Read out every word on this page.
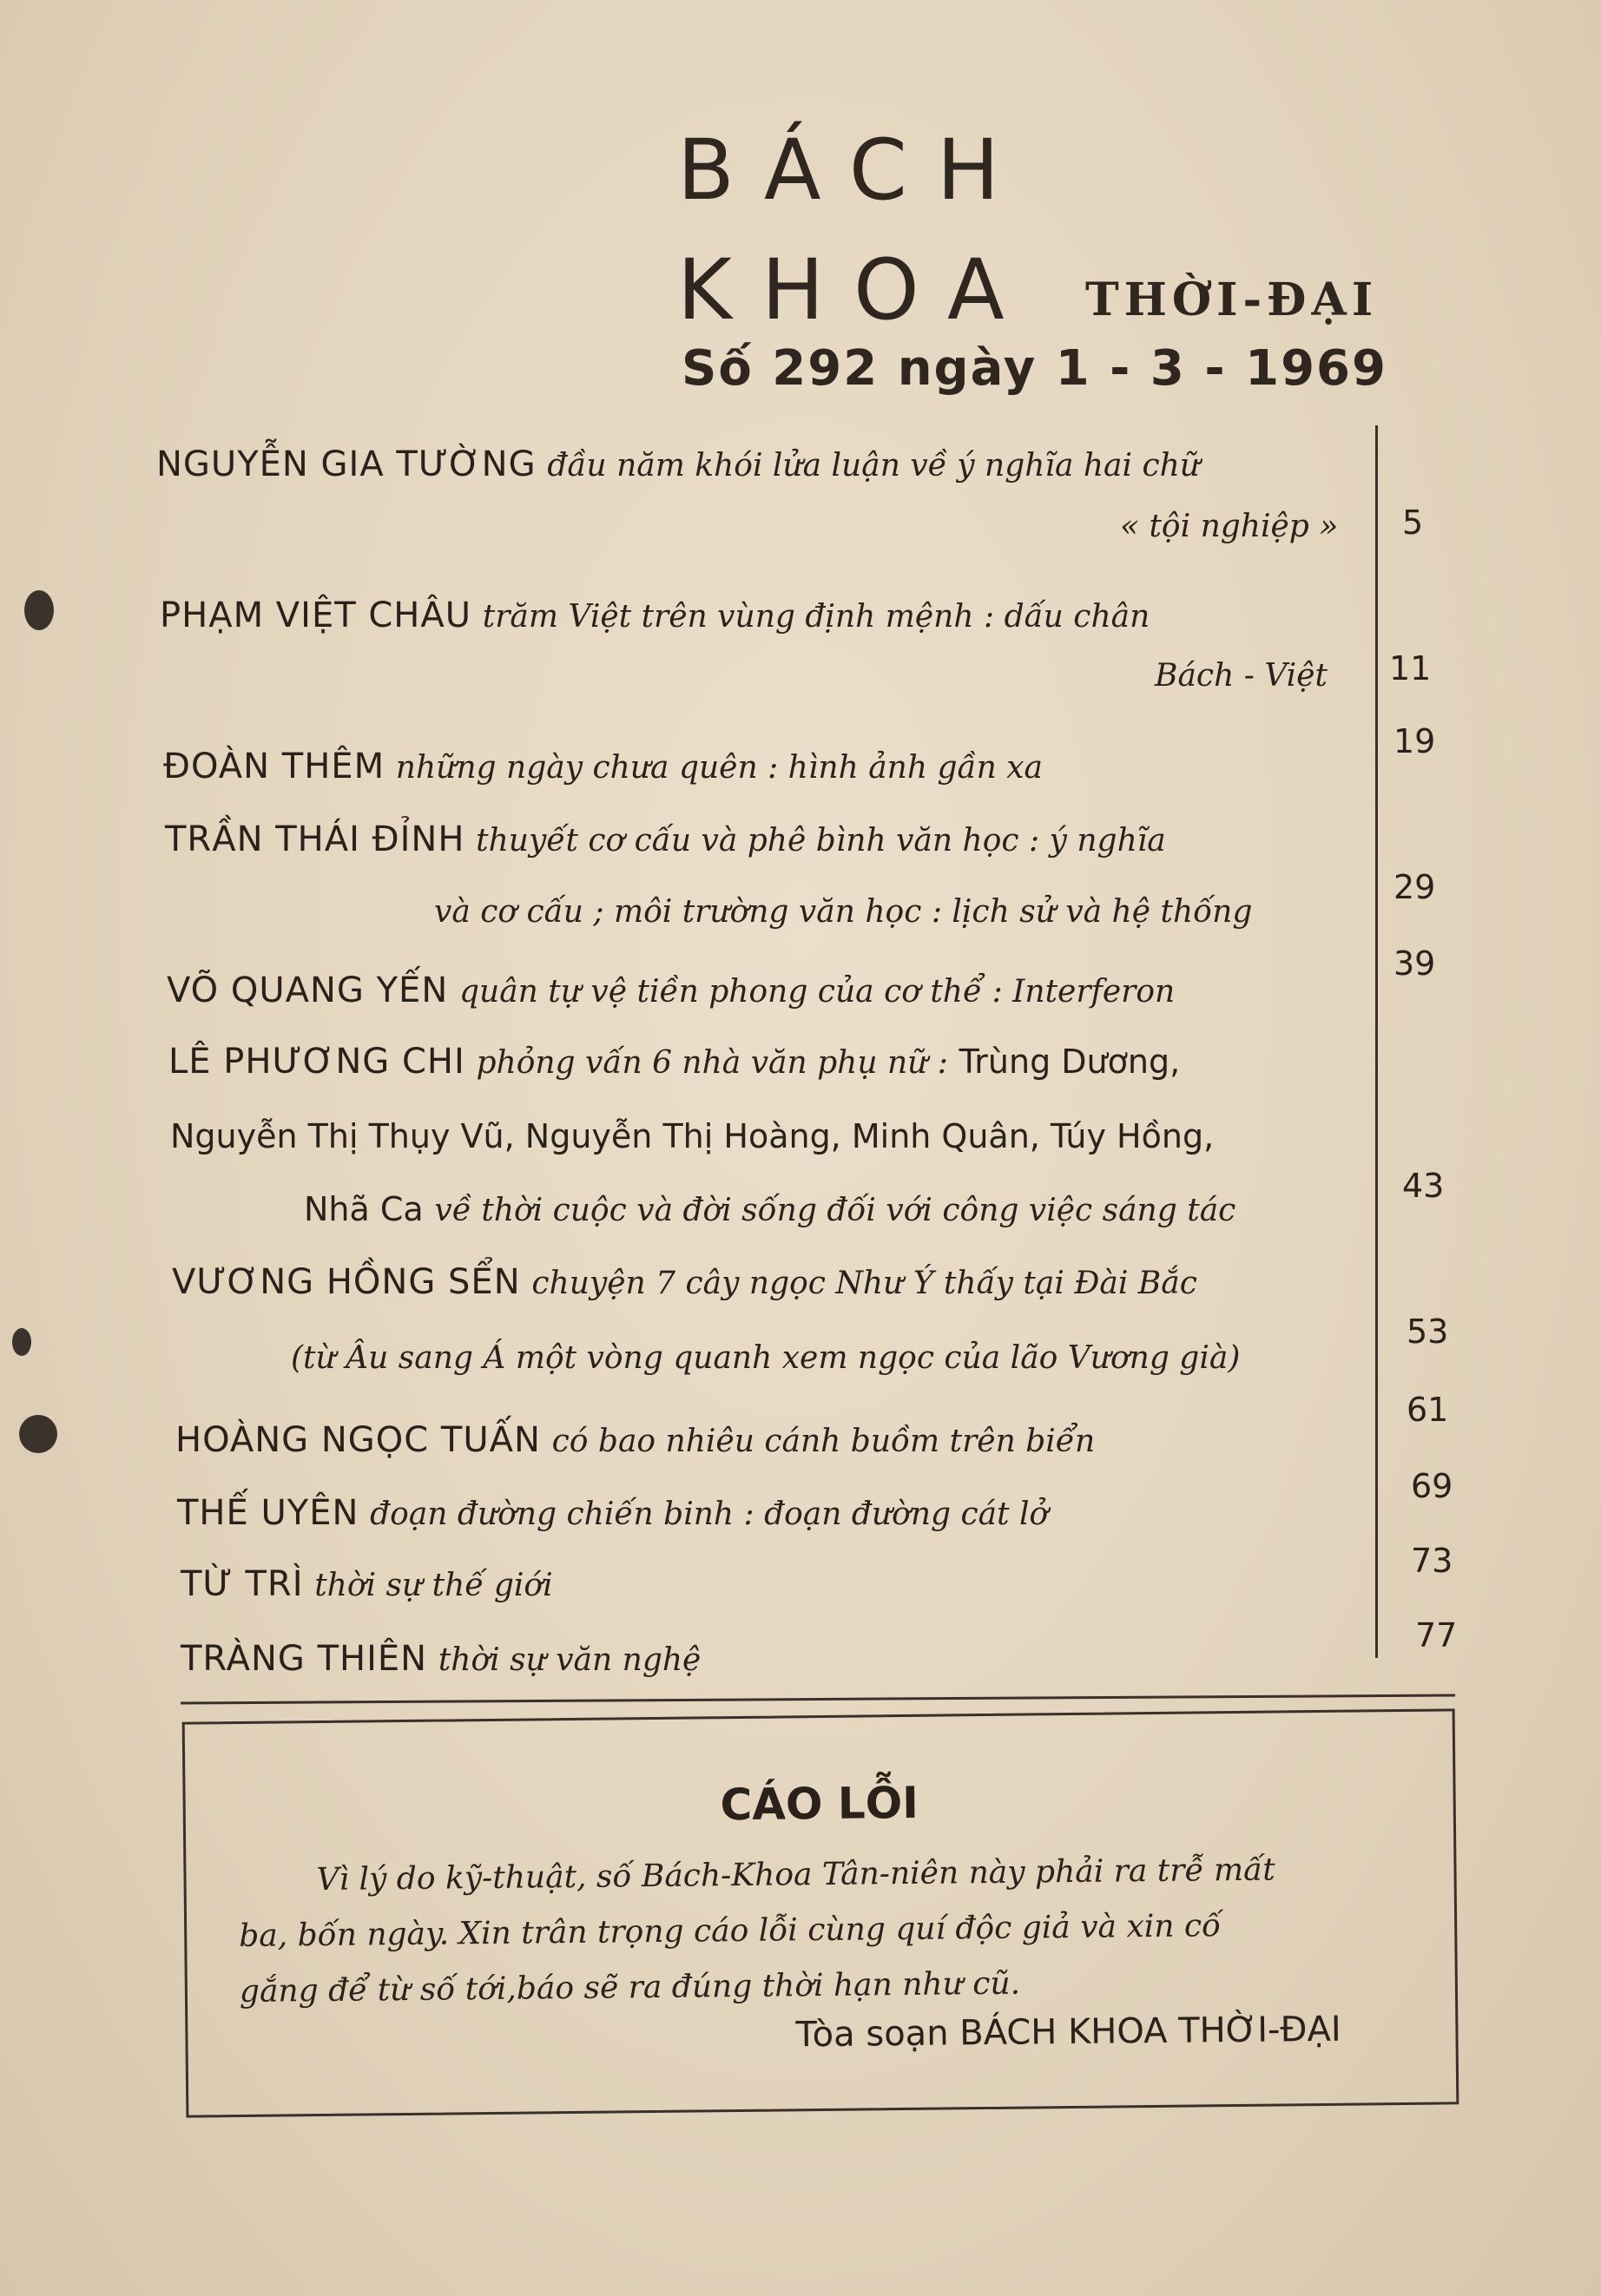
BÁCH
KHOA THỜI-ĐẠI
Số 292 ngày 1 - 3 - 1969
NGUYỄN GIA TƯỜNG đầu năm khói lửa luận về ý nghĩa hai chữ
« tội nghiệp » 5
PHẠM VIỆT CHÂU trăm Việt trên vùng định mệnh : dấu chân
Bách - Việt 11
ĐOÀN THÊM những ngày chưa quên : hình ảnh gần xa
19
TRẦN THÁI ĐỈNH thuyết cơ cấu và phê bình văn học : ý nghĩa
và cơ cấu ; môi trường văn học : lịch sử và hệ thống
29
VÕ QUANG YẾN quân tự vệ tiền phong của cơ thể : Interferon
39
LÊ PHƯƠNG CHI phỏng vấn 6 nhà văn phụ nữ : Trùng Dương,
Nguyễn Thị Thụy Vũ, Nguyễn Thị Hoàng, Minh Quân, Túy Hồng,
Nhã Ca về thời cuộc và đời sống đối với công việc sáng tác
43
VƯƠNG HỒNG SỂN chuyện 7 cây ngọc Như Ý thấy tại Đài Bắc
(từ Âu sang Á một vòng quanh xem ngọc của lão Vương già)
53
HOÀNG NGỌC TUẤN có bao nhiêu cánh buồm trên biển
61
THẾ UYÊN đoạn đường chiến binh : đoạn đường cát lở
69
TỪ TRÌ thời sự thế giới
73
TRÀNG THIÊN thời sự văn nghệ
77
CÁO LỖI
Vì lý do kỹ-thuật, số Bách-Khoa Tân-niên này phải ra trễ mất
ba, bốn ngày. Xin trân trọng cáo lỗi cùng quí độc giả và xin cố
gắng để từ số tới,báo sẽ ra đúng thời hạn như cũ.
Tòa soạn BÁCH KHOA THỜI-ĐẠI
